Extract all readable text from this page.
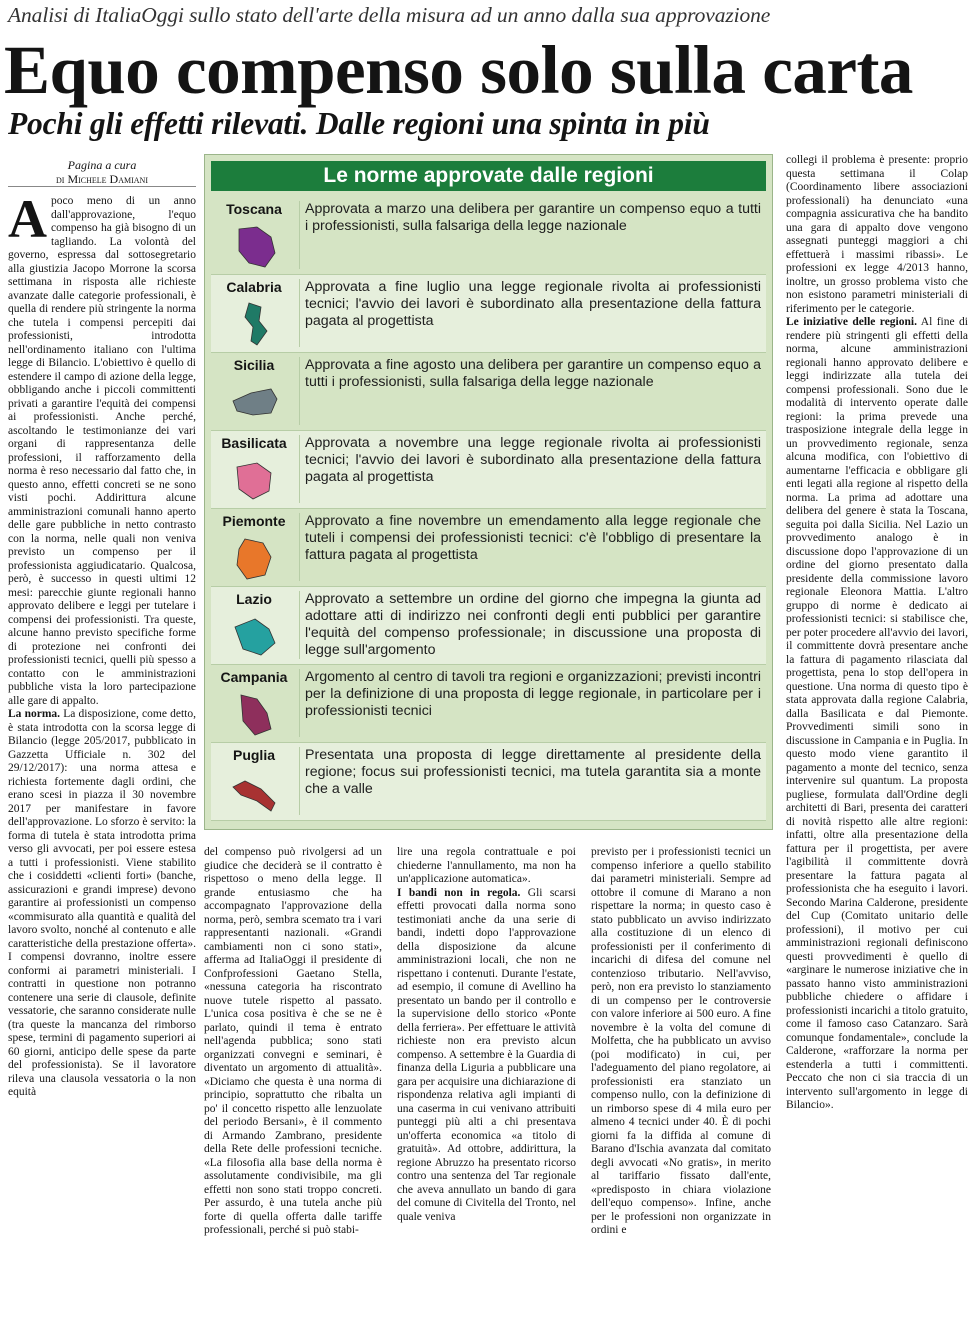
Analisi di ItaliaOggi sullo stato dell'arte della misura ad un anno dalla sua approvazione
Equo compenso solo sulla carta
Pochi gli effetti rilevati. Dalle regioni una spinta in più
Pagina a cura
di Michele Damiani

Apoco meno di un anno dall'approvazione, l'equo compenso ha già bisogno di un tagliando. La volontà del governo, espressa dal sottosegretario alla giustizia Jacopo Morrone la scorsa settimana in risposta alle richieste avanzate dalle categorie professionali, è quella di rendere più stringente la norma che tutela i compensi percepiti dai professionisti, introdotta nell'ordinamento italiano con l'ultima legge di Bilancio. L'obiettivo è quello di estendere il campo di azione della legge, obbligando anche i piccoli committenti privati a garantire l'equità dei compensi ai professionisti. Anche perché, ascoltando le testimonianze dei vari organi di rappresentanza delle professioni, il rafforzamento della norma è reso necessario dal fatto che, in questo anno, effetti concreti se ne sono visti pochi. Addirittura alcune amministrazioni comunali hanno aperto delle gare pubbliche in netto contrasto con la norma, nelle quali non veniva previsto un compenso per il professionista aggiudicatario. Qualcosa, però, è successo in questi ultimi 12 mesi: parecchie giunte regionali hanno approvato delibere e leggi per tutelare i compensi dei professionisti. Tra queste, alcune hanno previsto specifiche forme di protezione nei confronti dei professionisti tecnici, quelli più spesso a contatto con le amministrazioni pubbliche vista la loro partecipazione alle gare di appalto.

La norma. La disposizione, come detto, è stata introdotta con la scorsa legge di Bilancio (legge 205/2017, pubblicato in Gazzetta Ufficiale n. 302 del 29/12/2017): una norma attesa e richiesta fortemente dagli ordini, che erano scesi in piazza il 30 novembre 2017 per manifestare in favore dell'approvazione. Lo sforzo è servito: la forma di tutela è stata introdotta prima verso gli avvocati, per poi essere estesa a tutti i professionisti. Viene stabilito che i cosiddetti «clienti forti» (banche, assicurazioni e grandi imprese) devono garantire ai professionisti un compenso «commisurato alla quantità e qualità del lavoro svolto, nonché al contenuto e alle caratteristiche della prestazione offerta». I compensi dovranno, inoltre essere conformi ai parametri ministeriali. I contratti in questione non potranno contenere una serie di clausole, definite vessatorie, che saranno considerate nulle (tra queste la mancanza del rimborso spese, termini di pagamento superiori ai 60 giorni, anticipo delle spese da parte del professionista). Se il lavoratore rileva una clausola vessatoria o la non equità

Le norme approvate dalle regioni
Toscana	Approvata a marzo una delibera per garantire un compenso equo a tutti i professionisti, sulla falsariga della legge nazionale
Calabria	Approvata a fine luglio una legge regionale rivolta ai professionisti tecnici; l'avvio dei lavori è subordinato alla presentazione della fattura pagata al progettista
Sicilia	Approvata a fine agosto una delibera per garantire un compenso equo a tutti i professionisti, sulla falsariga della legge nazionale
Basilicata	Approvata a novembre una legge regionale rivolta ai professionisti tecnici; l'avvio dei lavori è subordinato alla presentazione della fattura pagata al progettista
Piemonte	Approvato a fine novembre un emendamento alla legge regionale che tuteli i compensi dei professionisti tecnici: c'è l'obbligo di presentare la fattura pagata al progettista
Lazio	Approvato a settembre un ordine del giorno che impegna la giunta ad adottare atti di indirizzo nei confronti degli enti pubblici per garantire l'equità del compenso professionale; in discussione una proposta di legge sull'argomento
Campania	Argomento al centro di tavoli tra regioni e organizzazioni; previsti incontri per la definizione di una proposta di legge regionale, in particolare per i professionisti tecnici
Puglia	Presentata una proposta di legge direttamente al presidente della regione; focus sui professionisti tecnici, ma tutela garantita sia a monte che a valle
del compenso può rivolgersi ad un giudice che deciderà se il contratto è rispettoso o meno della legge. Il grande entusiasmo che ha accompagnato l'approvazione della norma, però, sembra scemato tra i vari rappresentanti nazionali. «Grandi cambiamenti non ci sono stati», afferma ad ItaliaOggi il presidente di Confprofessioni Gaetano Stella, «nessuna categoria ha riscontrato nuove tutele rispetto al passato. L'unica cosa positiva è che se ne è parlato, quindi il tema è entrato nell'agenda pubblica; sono stati organizzati convegni e seminari, è diventato un argomento di attualità». «Diciamo che questa è una norma di principio, soprattutto che ribalta un po' il concetto rispetto alle lenzuolate del periodo Bersani», è il commento di Armando Zambrano, presidente della Rete delle professioni tecniche. «La filosofia alla base della norma è assolutamente condivisibile, ma gli effetti non sono stati troppo concreti. Per assurdo, è una tutela anche più forte di quella offerta dalle tariffe professionali, perché si può stabi-
lire una regola contrattuale e poi chiederne l'annullamento, ma non ha un'applicazione automatica».

I bandi non in regola. Gli scarsi effetti provocati dalla norma sono testimoniati anche da una serie di bandi, indetti dopo l'approvazione della disposizione da alcune amministrazioni locali, che non ne rispettano i contenuti. Durante l'estate, ad esempio, il comune di Avellino ha presentato un bando per il controllo e la supervisione dello storico «Ponte della ferriera». Per effettuare le attività richieste non era previsto alcun compenso. A settembre è la Guardia di finanza della Liguria a pubblicare una gara per acquisire una dichiarazione di rispondenza relativa agli impianti di una caserma in cui venivano attribuiti punteggi più alti a chi presentava un'offerta economica «a titolo di gratuità». Ad ottobre, addirittura, la regione Abruzzo ha presentato ricorso contro una sentenza del Tar regionale che aveva annullato un bando di gara del comune di Civitella del Tronto, nel quale veniva

previsto per i professionisti tecnici un compenso inferiore a quello stabilito dai parametri ministeriali. Sempre ad ottobre il comune di Marano a non rispettare la norma; in questo caso è stato pubblicato un avviso indirizzato alla costituzione di un elenco di professionisti per il conferimento di incarichi di difesa del comune nel contenzioso tributario. Nell'avviso, però, non era previsto lo stanziamento di un compenso per le controversie con valore inferiore ai 500 euro. A fine novembre è la volta del comune di Molfetta, che ha pubblicato un avviso (poi modificato) in cui, per l'adeguamento del piano regolatore, ai professionisti era stanziato un compenso nullo, con la definizione di un rimborso spese di 4 mila euro per almeno 4 tecnici under 40. È di pochi giorni fa la diffida al comune di Barano d'Ischia avanzata dal comitato degli avvocati «No gratis», in merito al tariffario fissato dall'ente, «predisposto in chiara violazione dell'equo compenso». Infine, anche per le professioni non organizzate in ordini e

collegi il problema è presente: proprio questa settimana il Colap (Coordinamento libere associazioni professionali) ha denunciato «una compagnia assicurativa che ha bandito una gara di appalto dove vengono assegnati punteggi maggiori a chi effettuerà i massimi ribassi». Le professioni ex legge 4/2013 hanno, inoltre, un grosso problema visto che non esistono parametri ministeriali di riferimento per le categorie.

Le iniziative delle regioni. Al fine di rendere più stringenti gli effetti della norma, alcune amministrazioni regionali hanno approvato delibere e leggi indirizzate alla tutela dei compensi professionali. Sono due le modalità di intervento operate dalle regioni: la prima prevede una trasposizione integrale della legge in un provvedimento regionale, senza alcuna modifica, con l'obiettivo di aumentarne l'efficacia e obbligare gli enti legati alla regione al rispetto della norma. La prima ad adottare una delibera del genere è stata la Toscana, seguita poi dalla Sicilia. Nel Lazio un provvedimento analogo è in discussione dopo l'approvazione di un ordine del giorno presentato dalla presidente della commissione lavoro regionale Eleonora Mattia. L'altro gruppo di norme è dedicato ai professionisti tecnici: si stabilisce che, per poter procedere all'avvio dei lavori, il committente dovrà presentare anche la fattura di pagamento rilasciata dal progettista, pena lo stop dell'opera in questione. Una norma di questo tipo è stata approvata dalla regione Calabria, dalla Basilicata e dal Piemonte. Provvedimenti simili sono in discussione in Campania e in Puglia. In questo modo viene garantito il pagamento a monte del tecnico, senza intervenire sul quantum. La proposta pugliese, formulata dall'Ordine degli architetti di Bari, presenta dei caratteri di novità rispetto alle altre regioni: infatti, oltre alla presentazione della fattura per il progettista, per avere l'agibilità il committente dovrà presentare la fattura pagata al professionista che ha eseguito i lavori. Secondo Marina Calderone, presidente del Cup (Comitato unitario delle professioni), il motivo per cui amministrazioni regionali definiscono questi provvedimenti è quello di «arginare le numerose iniziative che in passato hanno visto amministrazioni pubbliche chiedere o affidare i professionisti incarichi a titolo gratuito, come il famoso caso Catanzaro. Sarà comunque fondamentale», conclude la Calderone, «rafforzare la norma per estenderla a tutti i committenti. Peccato che non ci sia traccia di un intervento sull'argomento in legge di Bilancio».
